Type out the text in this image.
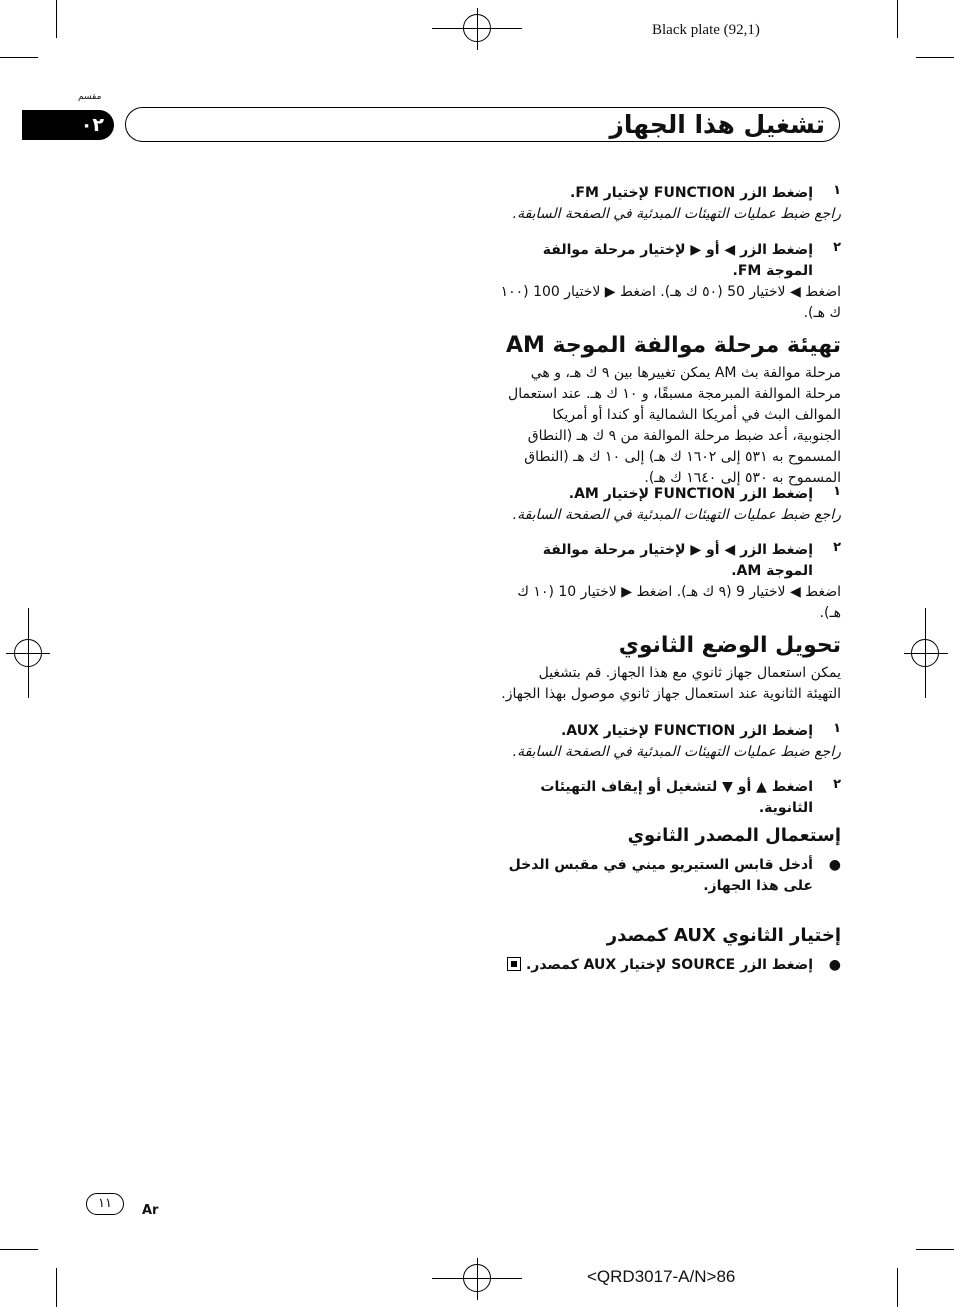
Black plate (92,1)
<QRD3017-A/N>86
مقسم
٠٢	تشغيل هذا الجهاز
١
إضغط الزر FUNCTION لإختيار FM.
راجع ضبط عمليات التهيئات المبدئية في الصفحة السابقة.
٢
إضغط الزر ◀ أو ▶ لإختيار مرحلة موالفة الموجة FM.
اضغط ◀ لاختيار 50 (٥٠ ك هـ). اضغط ▶ لاختيار 100 (١٠٠ ك هـ).
تهيئة مرحلة موالفة الموجة AM
مرحلة موالفة بث AM يمكن تغييرها بين ٩ ك هـ، و هي مرحلة الموالفة المبرمجة مسبقًا، و ١٠ ك هـ. عند استعمال الموالف البث في أمريكا الشمالية أو كندا أو أمريكا الجنوبية، أعد ضبط مرحلة الموالفة من ٩ ك هـ (النطاق المسموح به ٥٣١ إلى ١٦٠٢ ك هـ) إلى ١٠ ك هـ (النطاق المسموح به ٥٣٠ إلى ١٦٤٠ ك هـ).
١
إضغط الزر FUNCTION لإختيار AM.
راجع ضبط عمليات التهيئات المبدئية في الصفحة السابقة.
٢
إضغط الزر ◀ أو ▶ لإختيار مرحلة موالفة الموجة AM.
اضغط ◀ لاختيار 9 (٩ ك هـ). اضغط ▶ لاختيار 10 (١٠ ك هـ).
تحويل الوضع الثانوي
يمكن استعمال جهاز ثانوي مع هذا الجهاز. قم بتشغيل التهيئة الثانوية عند استعمال جهاز ثانوي موصول بهذا الجهاز.
١
إضغط الزر FUNCTION لإختيار AUX.
راجع ضبط عمليات التهيئات المبدئية في الصفحة السابقة.
٢
اضغط ▲ أو ▼ لتشغيل أو إيقاف التهيئات الثانوية.
إستعمال المصدر الثانوي
●
أدخل قابس الستيريو ميني في مقبس الدخل على هذا الجهاز.
إختيار الثانوي AUX كمصدر
●
إضغط الزر SOURCE لإختيار AUX كمصدر.
١١	Ar
